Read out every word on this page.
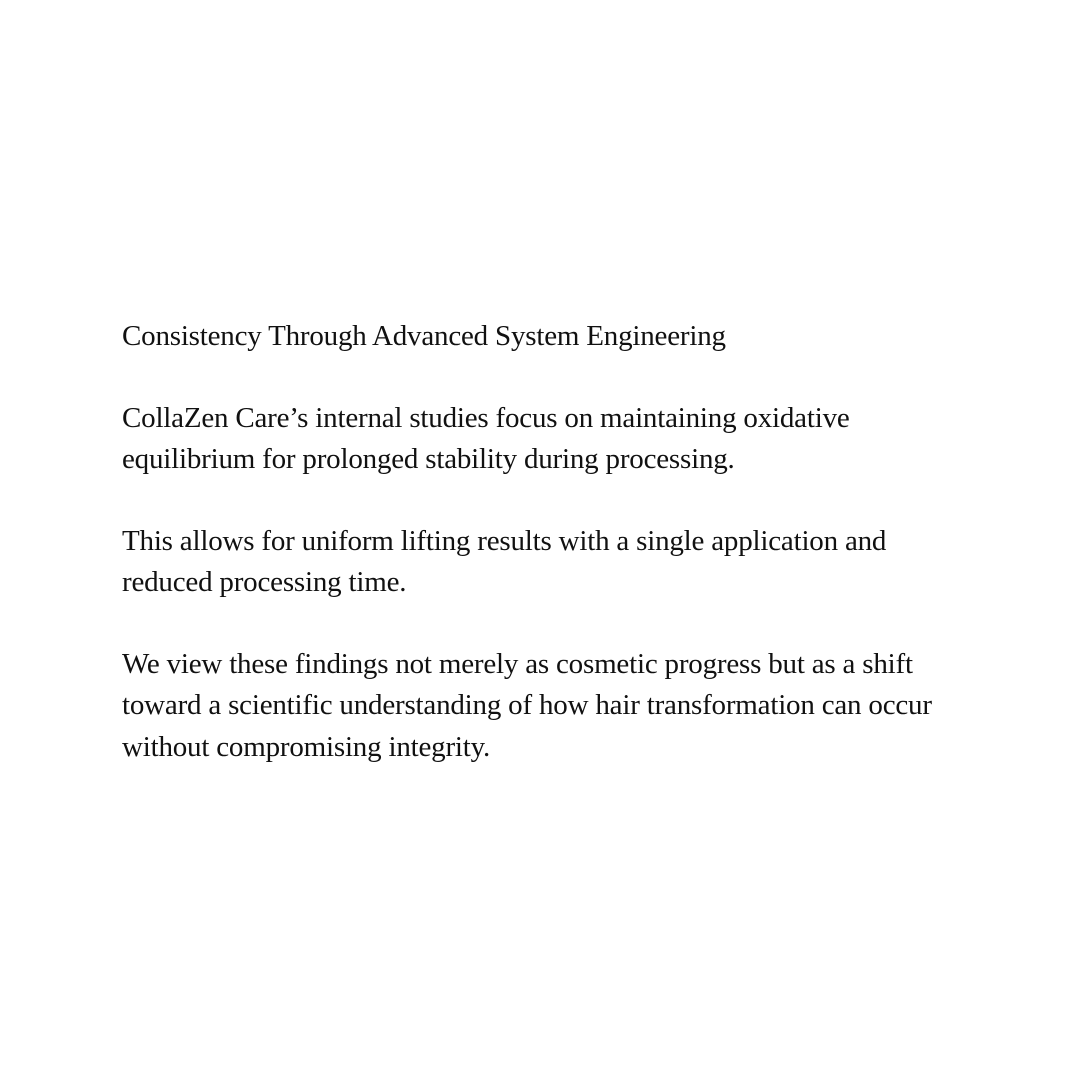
Consistency Through Advanced System Engineering

CollaZen Care’s internal studies focus on maintaining oxidative equilibrium for prolonged stability during processing.

This allows for uniform lifting results with a single application and reduced processing time.

We view these findings not merely as cosmetic progress but as a shift toward a scientific understanding of how hair transformation can occur without compromising integrity.
